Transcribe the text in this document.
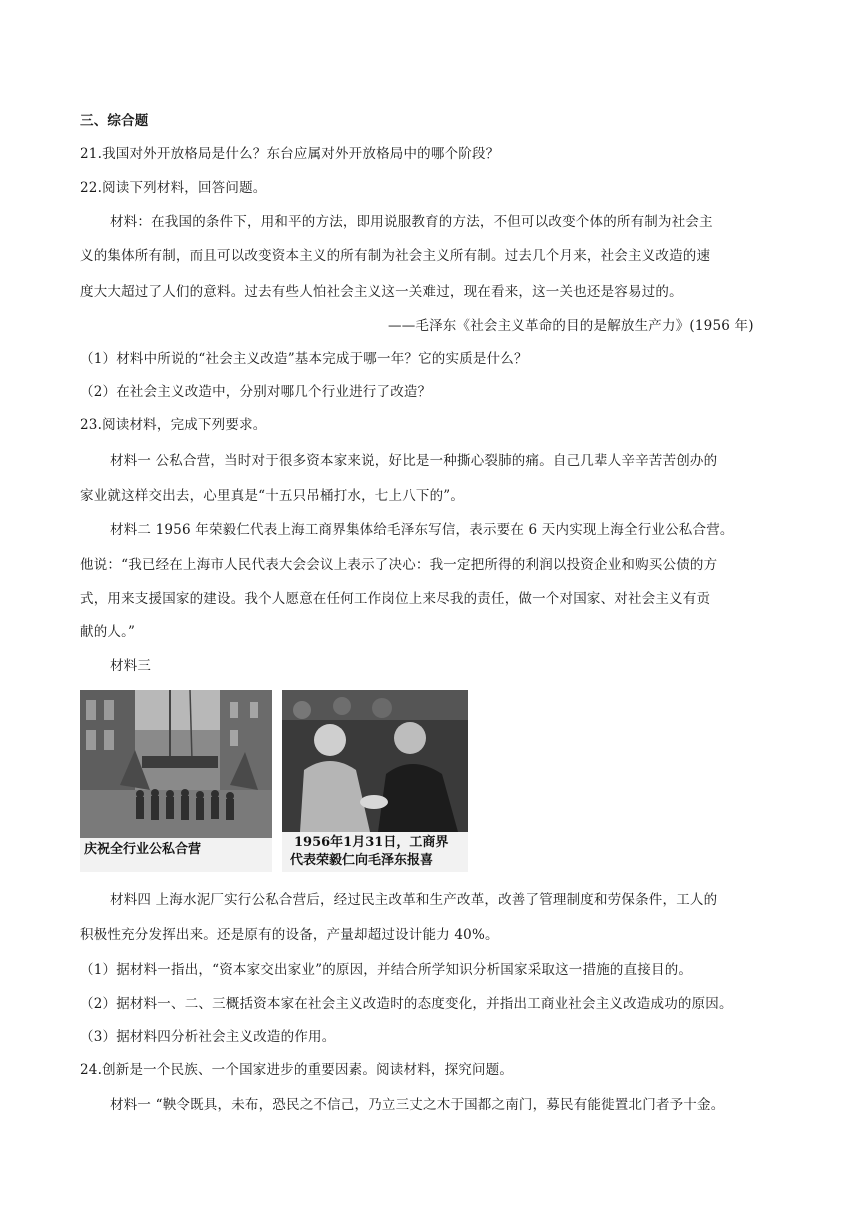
三、综合题
21.我国对外开放格局是什么？东台应属对外开放格局中的哪个阶段？
22.阅读下列材料，回答问题。
材料：在我国的条件下，用和平的方法，即用说服教育的方法，不但可以改变个体的所有制为社会主
义的集体所有制，而且可以改变资本主义的所有制为社会主义所有制。过去几个月来，社会主义改造的速
度大大超过了人们的意料。过去有些人怕社会主义这一关难过，现在看来，这一关也还是容易过的。
——毛泽东《社会主义革命的目的是解放生产力》(1956 年)
（1）材料中所说的“社会主义改造”基本完成于哪一年？它的实质是什么？
（2）在社会主义改造中，分别对哪几个行业进行了改造？
23.阅读材料，完成下列要求。
材料一 公私合营，当时对于很多资本家来说，好比是一种撕心裂肺的痛。自己几辈人辛辛苦苦创办的
家业就这样交出去，心里真是“十五只吊桶打水，七上八下的”。
材料二 1956 年荣毅仁代表上海工商界集体给毛泽东写信，表示要在 6 天内实现上海全行业公私合营。
他说：“我已经在上海市人民代表大会会议上表示了决心：我一定把所得的利润以投资企业和购买公债的方
式，用来支援国家的建设。我个人愿意在任何工作岗位上来尽我的责任，做一个对国家、对社会主义有贡
献的人。”
材料三
庆祝全行业公私合营	1956年1月31日，工商界
代表荣毅仁向毛泽东报喜
材料四 上海水泥厂实行公私合营后，经过民主改革和生产改革，改善了管理制度和劳保条件，工人的
积极性充分发挥出来。还是原有的设备，产量却超过设计能力 40%。
（1）据材料一指出，“资本家交出家业”的原因，并结合所学知识分析国家采取这一措施的直接目的。
（2）据材料一、二、三概括资本家在社会主义改造时的态度变化，并指出工商业社会主义改造成功的原因。
（3）据材料四分析社会主义改造的作用。
24.创新是一个民族、一个国家进步的重要因素。阅读材料，探究问题。
材料一 “鞅令既具，未布，恐民之不信己，乃立三丈之木于国都之南门，募民有能徙置北门者予十金。
